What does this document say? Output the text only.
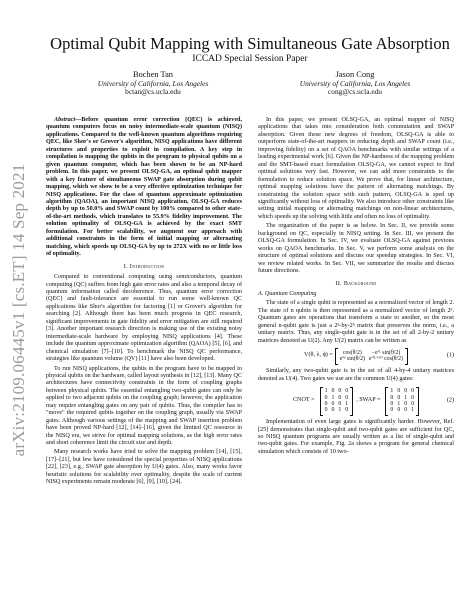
arXiv:2109.06445v1 [cs.ET] 14 Sep 2021
Optimal Qubit Mapping with Simultaneous Gate Absorption
ICCAD Special Session Paper
Bochen Tan
University of California, Los Angeles
bctan@cs.ucla.edu
Jason Cong
University of California, Los Angeles
cong@cs.ucla.edu

Abstract—Before quantum error correction (QEC) is achieved, quantum computers focus on noisy intermediate-scale quantum (NISQ) applications. Compared to the well-known quantum algorithms requiring QEC, like Shor's or Grover's algorithm, NISQ applications have different structures and properties to exploit in compilation. A key step in compilation is mapping the qubits in the program to physical qubits on a given quantum computer, which has been shown to be an NP-hard problem. In this paper, we present OLSQ-GA, an optimal qubit mapper with a key feature of simultaneous SWAP gate absorption during qubit mapping, which we show to be a very effective optimization technique for NISQ applications. For the class of quantum approximate optimization algorithm (QAOA), an important NISQ application, OLSQ-GA reduces depth by up to 50.0% and SWAP count by 100% compared to other state-of-the-art methods, which translates to 55.9% fidelity improvement. The solution optimality of OLSQ-GA is achieved by the exact SMT formulation. For better scalability, we augment our approach with additional constraints in the form of initial mapping or alternating matching, which speeds up OLSQ-GA by up to 272X with no or little loss of optimality.

I. Introduction

Compared to conventional computing using semiconductors, quantum computing (QC) suffers from high gate error rates and also a temporal decay of quantum information called decoherence. Thus, quantum error correction (QEC) and fault-tolerance are essential to run some well-known QC applications like Shor's algorithm for factoring [1] or Grover's algorithm for searching [2]. Although there has been much progress in QEC research, significant improvements in gate fidelity and error mitigation are still required [3]. Another important research direction is making use of the existing noisy intermediate-scale hardware by employing NISQ applications [4]. These include the quantum approximate optimization algorithm (QAOA) [5], [6], and chemical simulation [7]–[10]. To benchmark the NISQ QC performance, strategies like quantum volume (QV) [11] have also been developed.

To run NISQ applications, the qubits in the program have to be mapped to physical qubits on the hardware, called layout synthesis in [12], [13]. Many QC architectures have connectivity constraints in the form of coupling graphs between physical qubits. The essential entangling two-qubit gates can only be applied to two adjacent qubits on the coupling graph; however, the application may require entangling gates on any pair of qubits. Thus, the compiler has to "move" the required qubits together on the coupling graph, usually via SWAP gates. Although various settings of the mapping and SWAP insertion problem have been proved NP-hard [12], [14]–[16], given the limited QC resource in the NISQ era, we strive for optimal mapping solutions, as the high error rates and short coherence limit the circuit size and depth.

Many research works have tried to solve the mapping problem [14], [15], [17]–[21], but few have considered the special properties of NISQ applications [22], [23], e.g., SWAP gate absorption by U(4) gates. Also, many works favor heuristic solutions for scalability over optimality, despite the scale of current NISQ experiments remain moderate [6], [9], [10], [24].

In this paper, we present OLSQ-GA, an optimal mapper of NISQ applications that takes into consideration both commutation and SWAP absorption. Given these new degrees of freedom, OLSQ-GA is able to outperform state-of-the-art mappers in reducing depth and SWAP count (i.e., improving fidelity) on a set of QAOA benchmarks with similar settings of a leading experimental work [6]. Given the NP-hardness of the mapping problem and the SMT-based exact formulation OLSQ-GA, we cannot expect to find optimal solutions very fast. However, we can add more constraints to the formulation to reduce solution space. We prove that, for linear architecture, optimal mapping solutions have the pattern of alternating matchings. By constraining the solution space with such pattern, OLSQ-GA is sped up significantly without loss of optimality. We also introduce other constraints like setting initial mapping or alternating matchings on non-linear architectures, which speeds up the solving with little and often no loss of optimality.

The organization of the paper is as below. In Sec. II, we provide some background on QC, especially in NISQ setting. In Sec. III, we present the OLSQ-GA formulation. In Sec. IV, we evaluate OLSQ-GA against previous works on QAOA benchmarks. In Sec. V, we perform some analysis on the structure of optimal solutions and discuss our speedup strategies. In Sec. VI, we review related works. In Sec. VII, we summarize the results and discuss future directions.

II. Background
A. Quantum Computing

The state of a single qubit is represented as a normalized vector of length 2. The state of n qubits is then represented as a normalized vector of length 2ⁿ. Quantum gates are operations that transform a state to another, so the most general n-qubit gate is just a 2ⁿ-by-2ⁿ matrix that preserves the norm, i.e., a unitary matrix. Thus, any single-qubit gate is in the set of all 2-by-2 unitary matrices denoted as U(2). Any U(2) matrix can be written as

V(θ, λ, ϕ) = cos(θ/2)	−eⁱᴸ sin(θ/2)
eⁱᵠ sin(θ/2)	eⁱ⁽ᴸ⁺ᵠ⁾ cos(θ/2)
(1)

Similarly, any two-qubit gate is in the set of all 4-by-4 unitary matrices denoted as U(4). Two gates we use are the common U(4) gates:

CNOT =
1	0	0	0
0	1	0	0
0	0	0	1
0	0	1	0
, SWAP =
1	0	0	0
0	0	1	0
0	1	0	0
0	0	0	1
(2)

Implementation of even large gates is significantly harder. However, Ref. [25] demonstrates that single-qubit and two-qubit gates are sufficient for QC, so NISQ quantum programs are usually written as a list of single-qubit and two-qubit gates. For example, Fig. 2a shows a program for general chemical simulation which consists of 10 two-
